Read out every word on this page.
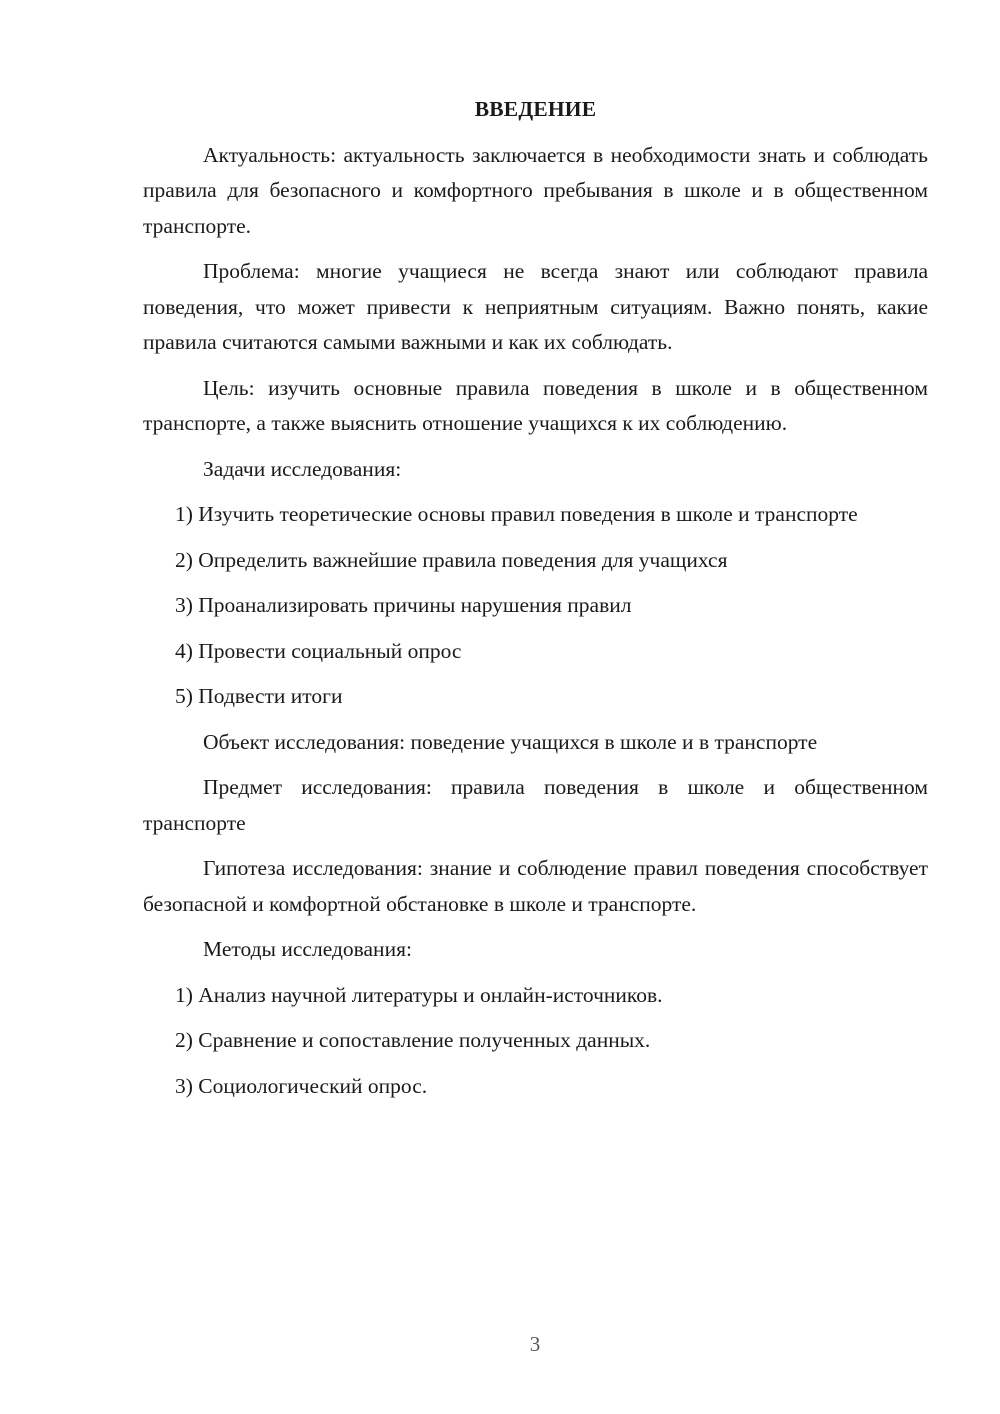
ВВЕДЕНИЕ

Актуальность: актуальность заключается в необходимости знать и соблюдать правила для безопасного и комфортного пребывания в школе и в общественном транспорте.

Проблема: многие учащиеся не всегда знают или соблюдают правила поведения, что может привести к неприятным ситуациям. Важно понять, какие правила считаются самыми важными и как их соблюдать.

Цель: изучить основные правила поведения в школе и в общественном транспорте, а также выяснить отношение учащихся к их соблюдению.

Задачи исследования:

1) Изучить теоретические основы правил поведения в школе и транспорте

2) Определить важнейшие правила поведения для учащихся

3) Проанализировать причины нарушения правил

4) Провести социальный опрос

5) Подвести итоги

Объект исследования: поведение учащихся в школе и в транспорте

Предмет исследования: правила поведения в школе и общественном транспорте

Гипотеза исследования: знание и соблюдение правил поведения способствует безопасной и комфортной обстановке в школе и транспорте.

Методы исследования:

1) Анализ научной литературы и онлайн-источников.

2) Сравнение и сопоставление полученных данных.

3) Социологический опрос.

3
